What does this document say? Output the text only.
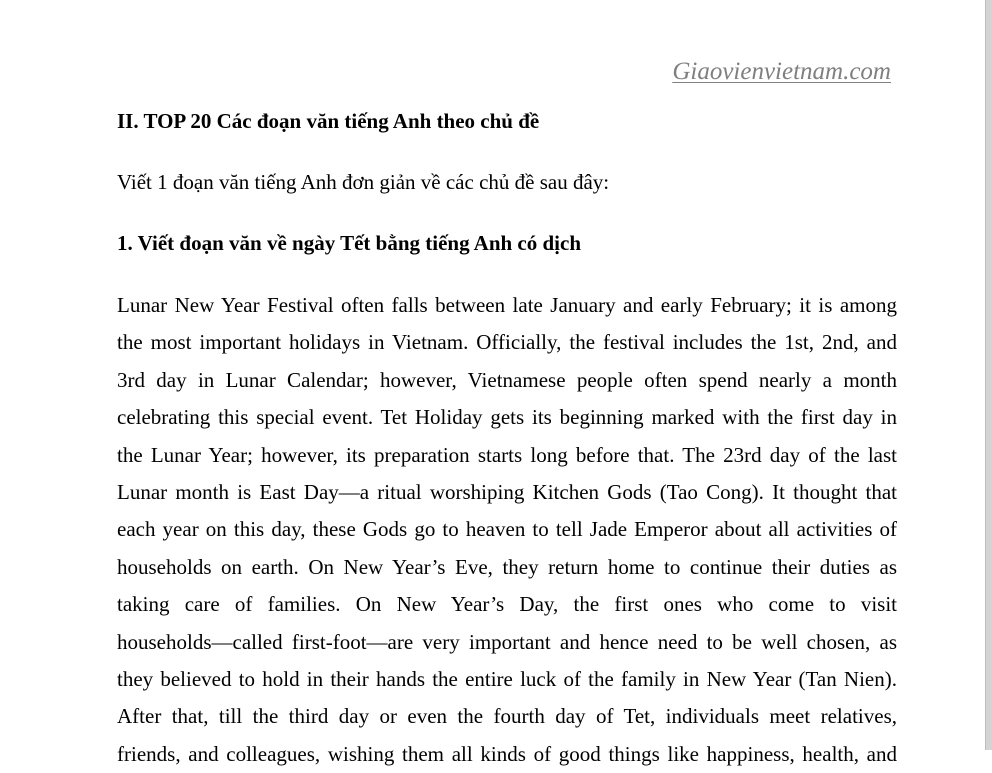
Giaovienvietnam.com

II. TOP 20 Các đoạn văn tiếng Anh theo chủ đề

Viết 1 đoạn văn tiếng Anh đơn giản về các chủ đề sau đây:

1. Viết đoạn văn về ngày Tết bằng tiếng Anh có dịch

Lunar New Year Festival often falls between late January and early February; it is among
the most important holidays in Vietnam. Officially, the festival includes the 1st, 2nd, and
3rd day in Lunar Calendar; however, Vietnamese people often spend nearly a month
celebrating this special event. Tet Holiday gets its beginning marked with the first day in
the Lunar Year; however, its preparation starts long before that. The 23rd day of the last
Lunar month is East Day—a ritual worshiping Kitchen Gods (Tao Cong). It thought that
each year on this day, these Gods go to heaven to tell Jade Emperor about all activities of
households on earth. On New Year’s Eve, they return home to continue their duties as
taking care of families. On New Year’s Day, the first ones who come to visit
households—called first-foot—are very important and hence need to be well chosen, as
they believed to hold in their hands the entire luck of the family in New Year (Tan Nien).
After that, till the third day or even the fourth day of Tet, individuals meet relatives,
friends, and colleagues, wishing them all kinds of good things like happiness, health, and
